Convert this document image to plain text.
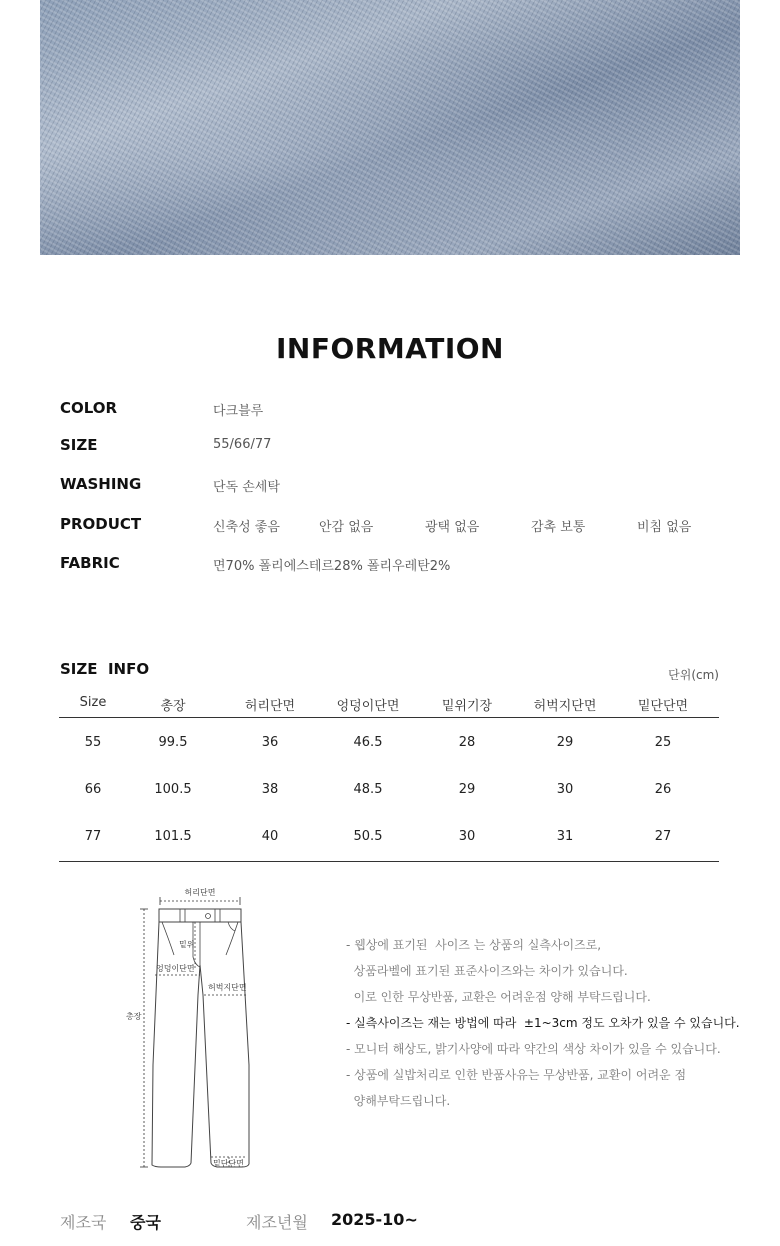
INFORMATION
COLOR	다크블루
SIZE	55/66/77
WASHING	단독 손세탁
PRODUCT	신축성 좋음	안감 없음	광택 없음	감촉 보통	비침 없음
FABRIC	면70% 폴리에스테르28% 폴리우레탄2%
SIZE  INFO	단위(cm)
Size	총장	허리단면	엉덩이단면	밑위기장	허벅지단면	밑단단면
55	99.5	36	46.5	28	29	25
66	100.5	38	48.5	29	30	26
77	101.5	40	50.5	30	31	27
허리단면
밑위
엉덩이단면
허벅지단면
총장
밑단단면
- 웹상에 표기된  사이즈 는 상품의 실측사이즈로,
상품라벨에 표기된 표준사이즈와는 차이가 있습니다.
이로 인한 무상반품, 교환은 어려운점 양해 부탁드립니다.
- 실측사이즈는 재는 방법에 따라  ±1~3cm 정도 오차가 있을 수 있습니다.
- 모니터 해상도, 밝기사양에 따라 약간의 색상 차이가 있을 수 있습니다.
- 상품에 실밥처리로 인한 반품사유는 무상반품, 교환이 어려운 점
양해부탁드립니다.
제조국 중국	제조년월 2025-10~
